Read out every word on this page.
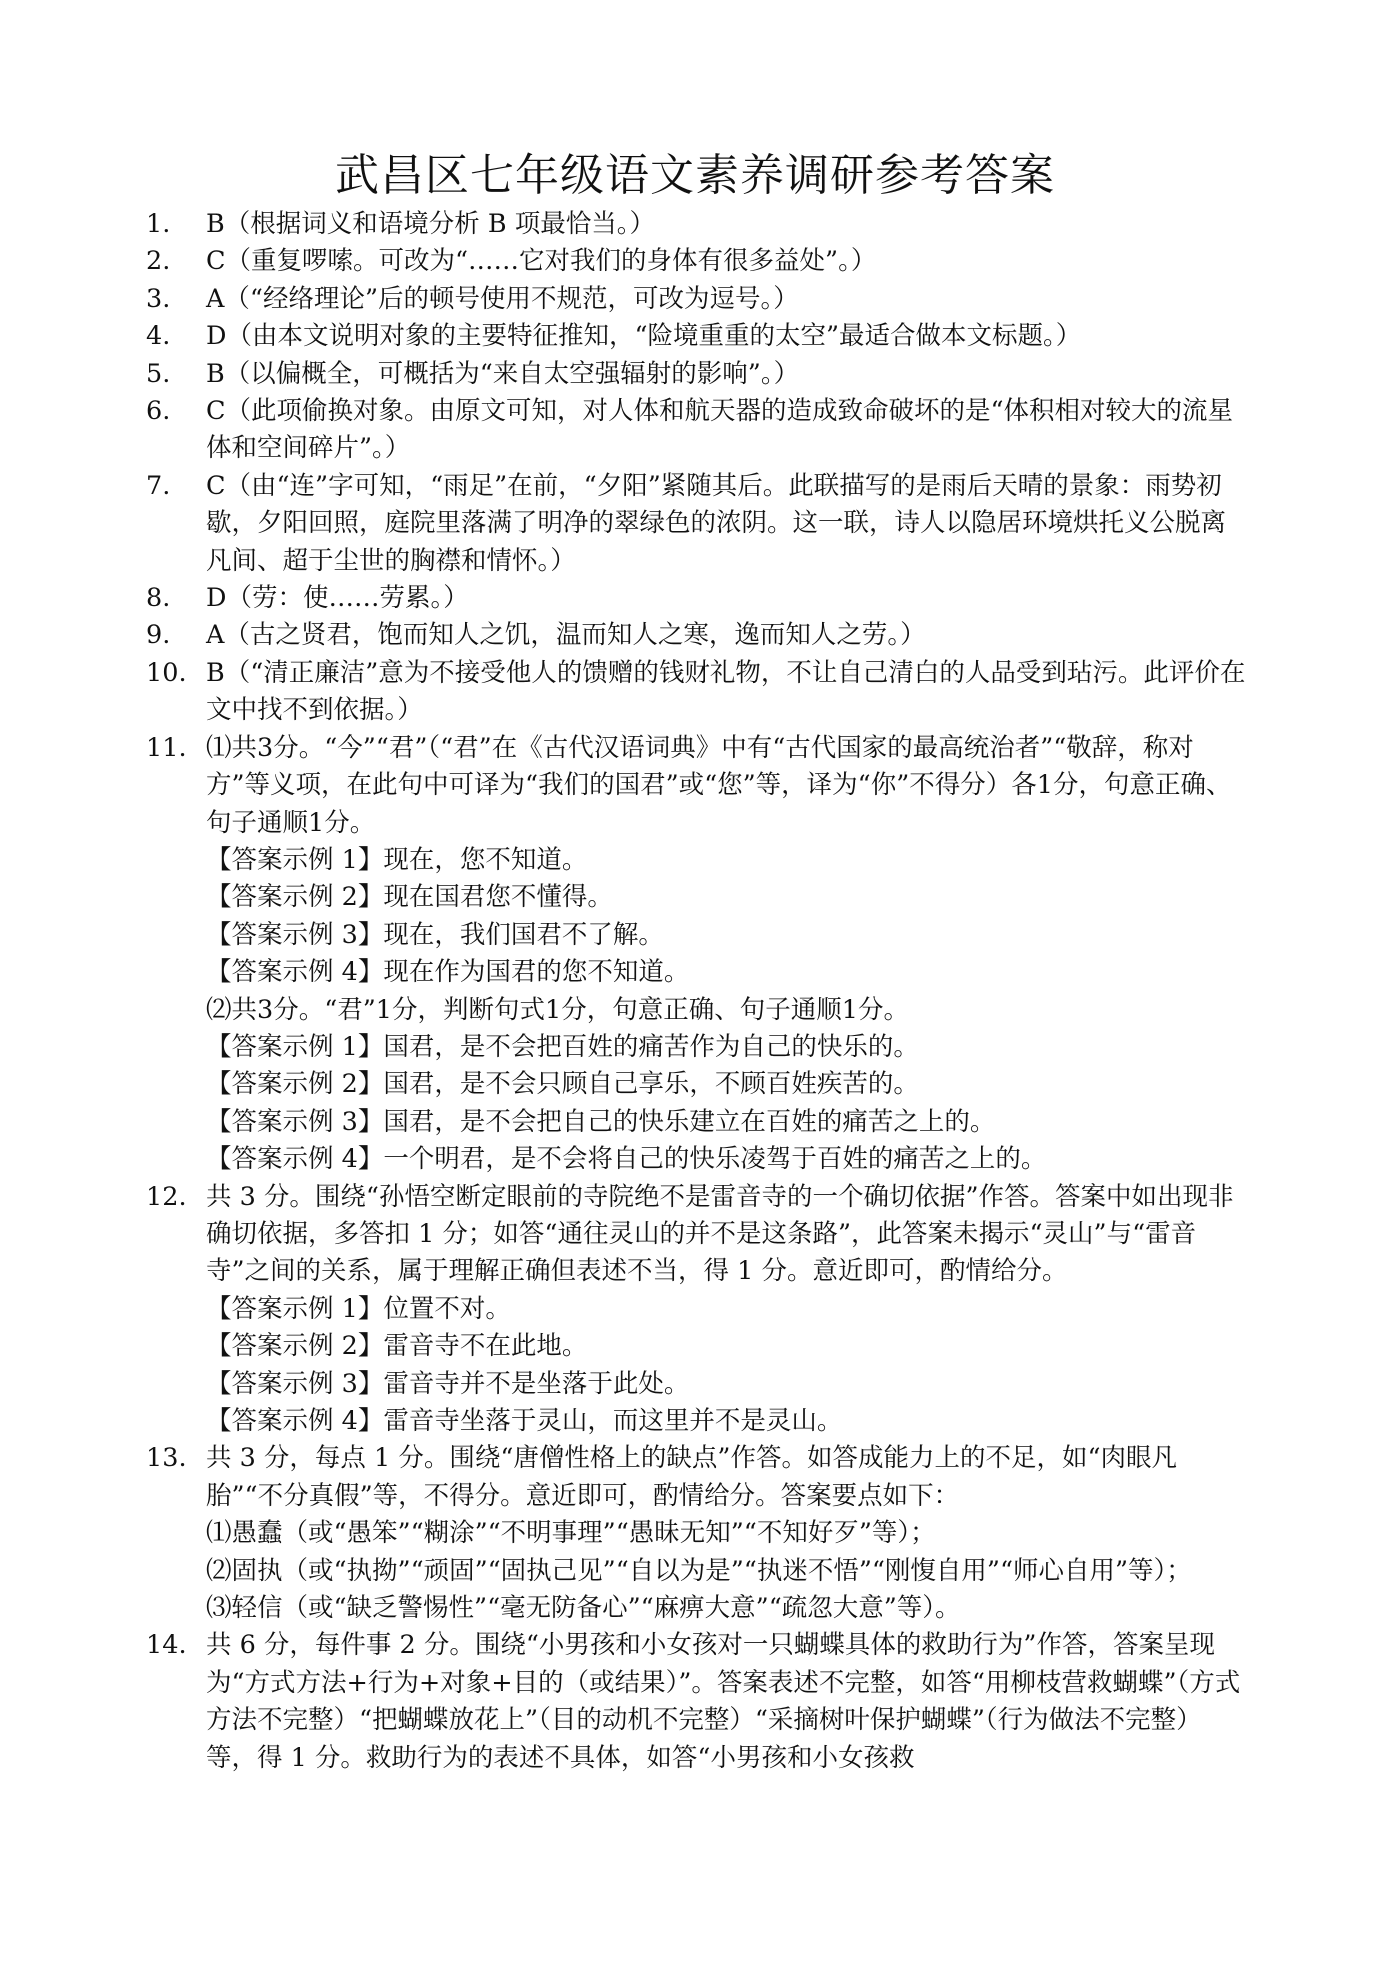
武昌区七年级语文素养调研参考答案
1. B（根据词义和语境分析 B 项最恰当。）
2. C（重复啰嗦。可改为“……它对我们的身体有很多益处”。）
3. A（“经络理论”后的顿号使用不规范，可改为逗号。）
4. D（由本文说明对象的主要特征推知，“险境重重的太空”最适合做本文标题。）
5. B（以偏概全，可概括为“来自太空强辐射的影响”。）
6. C（此项偷换对象。由原文可知，对人体和航天器的造成致命破坏的是“体积相对较大的流星体和空间碎片”。）
7. C（由“连”字可知，“雨足”在前，“夕阳”紧随其后。此联描写的是雨后天晴的景象：雨势初歇，夕阳回照，庭院里落满了明净的翠绿色的浓阴。这一联，诗人以隐居环境烘托义公脱离凡间、超于尘世的胸襟和情怀。）
8. D（劳：使……劳累。）
9. A（古之贤君，饱而知人之饥，温而知人之寒，逸而知人之劳。）
10. B（“清正廉洁”意为不接受他人的馈赠的钱财礼物，不让自己清白的人品受到玷污。此评价在文中找不到依据。）
11. ⑴共3分。“今”“君”（“君”在《古代汉语词典》中有“古代国家的最高统治者”“敬辞，称对方”等义项，在此句中可译为“我们的国君”或“您”等，译为“你”不得分）各1分，句意正确、句子通顺1分。
【答案示例 1】现在，您不知道。
【答案示例 2】现在国君您不懂得。
【答案示例 3】现在，我们国君不了解。
【答案示例 4】现在作为国君的您不知道。
⑵共3分。“君”1分，判断句式1分，句意正确、句子通顺1分。
【答案示例 1】国君，是不会把百姓的痛苦作为自己的快乐的。
【答案示例 2】国君，是不会只顾自己享乐，不顾百姓疾苦的。
【答案示例 3】国君，是不会把自己的快乐建立在百姓的痛苦之上的。
【答案示例 4】一个明君，是不会将自己的快乐凌驾于百姓的痛苦之上的。
12. 共 3 分。围绕“孙悟空断定眼前的寺院绝不是雷音寺的一个确切依据”作答。答案中如出现非确切依据，多答扣 1 分；如答“通往灵山的并不是这条路”，此答案未揭示“灵山”与“雷音寺”之间的关系，属于理解正确但表述不当，得 1 分。意近即可，酌情给分。
【答案示例 1】位置不对。
【答案示例 2】雷音寺不在此地。
【答案示例 3】雷音寺并不是坐落于此处。
【答案示例 4】雷音寺坐落于灵山，而这里并不是灵山。
13. 共 3 分，每点 1 分。围绕“唐僧性格上的缺点”作答。如答成能力上的不足，如“肉眼凡胎”“不分真假”等，不得分。意近即可，酌情给分。答案要点如下：
⑴愚蠢（或“愚笨”“糊涂”“不明事理”“愚昧无知”“不知好歹”等）；
⑵固执（或“执拗”“顽固”“固执己见”“自以为是”“执迷不悟”“刚愎自用”“师心自用”等）；
⑶轻信（或“缺乏警惕性”“毫无防备心”“麻痹大意”“疏忽大意”等）。
14. 共 6 分，每件事 2 分。围绕“小男孩和小女孩对一只蝴蝶具体的救助行为”作答，答案呈现为“方式方法+行为+对象+目的（或结果）”。答案表述不完整，如答“用柳枝营救蝴蝶”（方式方法不完整）“把蝴蝶放花上”（目的动机不完整）“采摘树叶保护蝴蝶”（行为做法不完整）等，得 1 分。救助行为的表述不具体，如答“小男孩和小女孩救
